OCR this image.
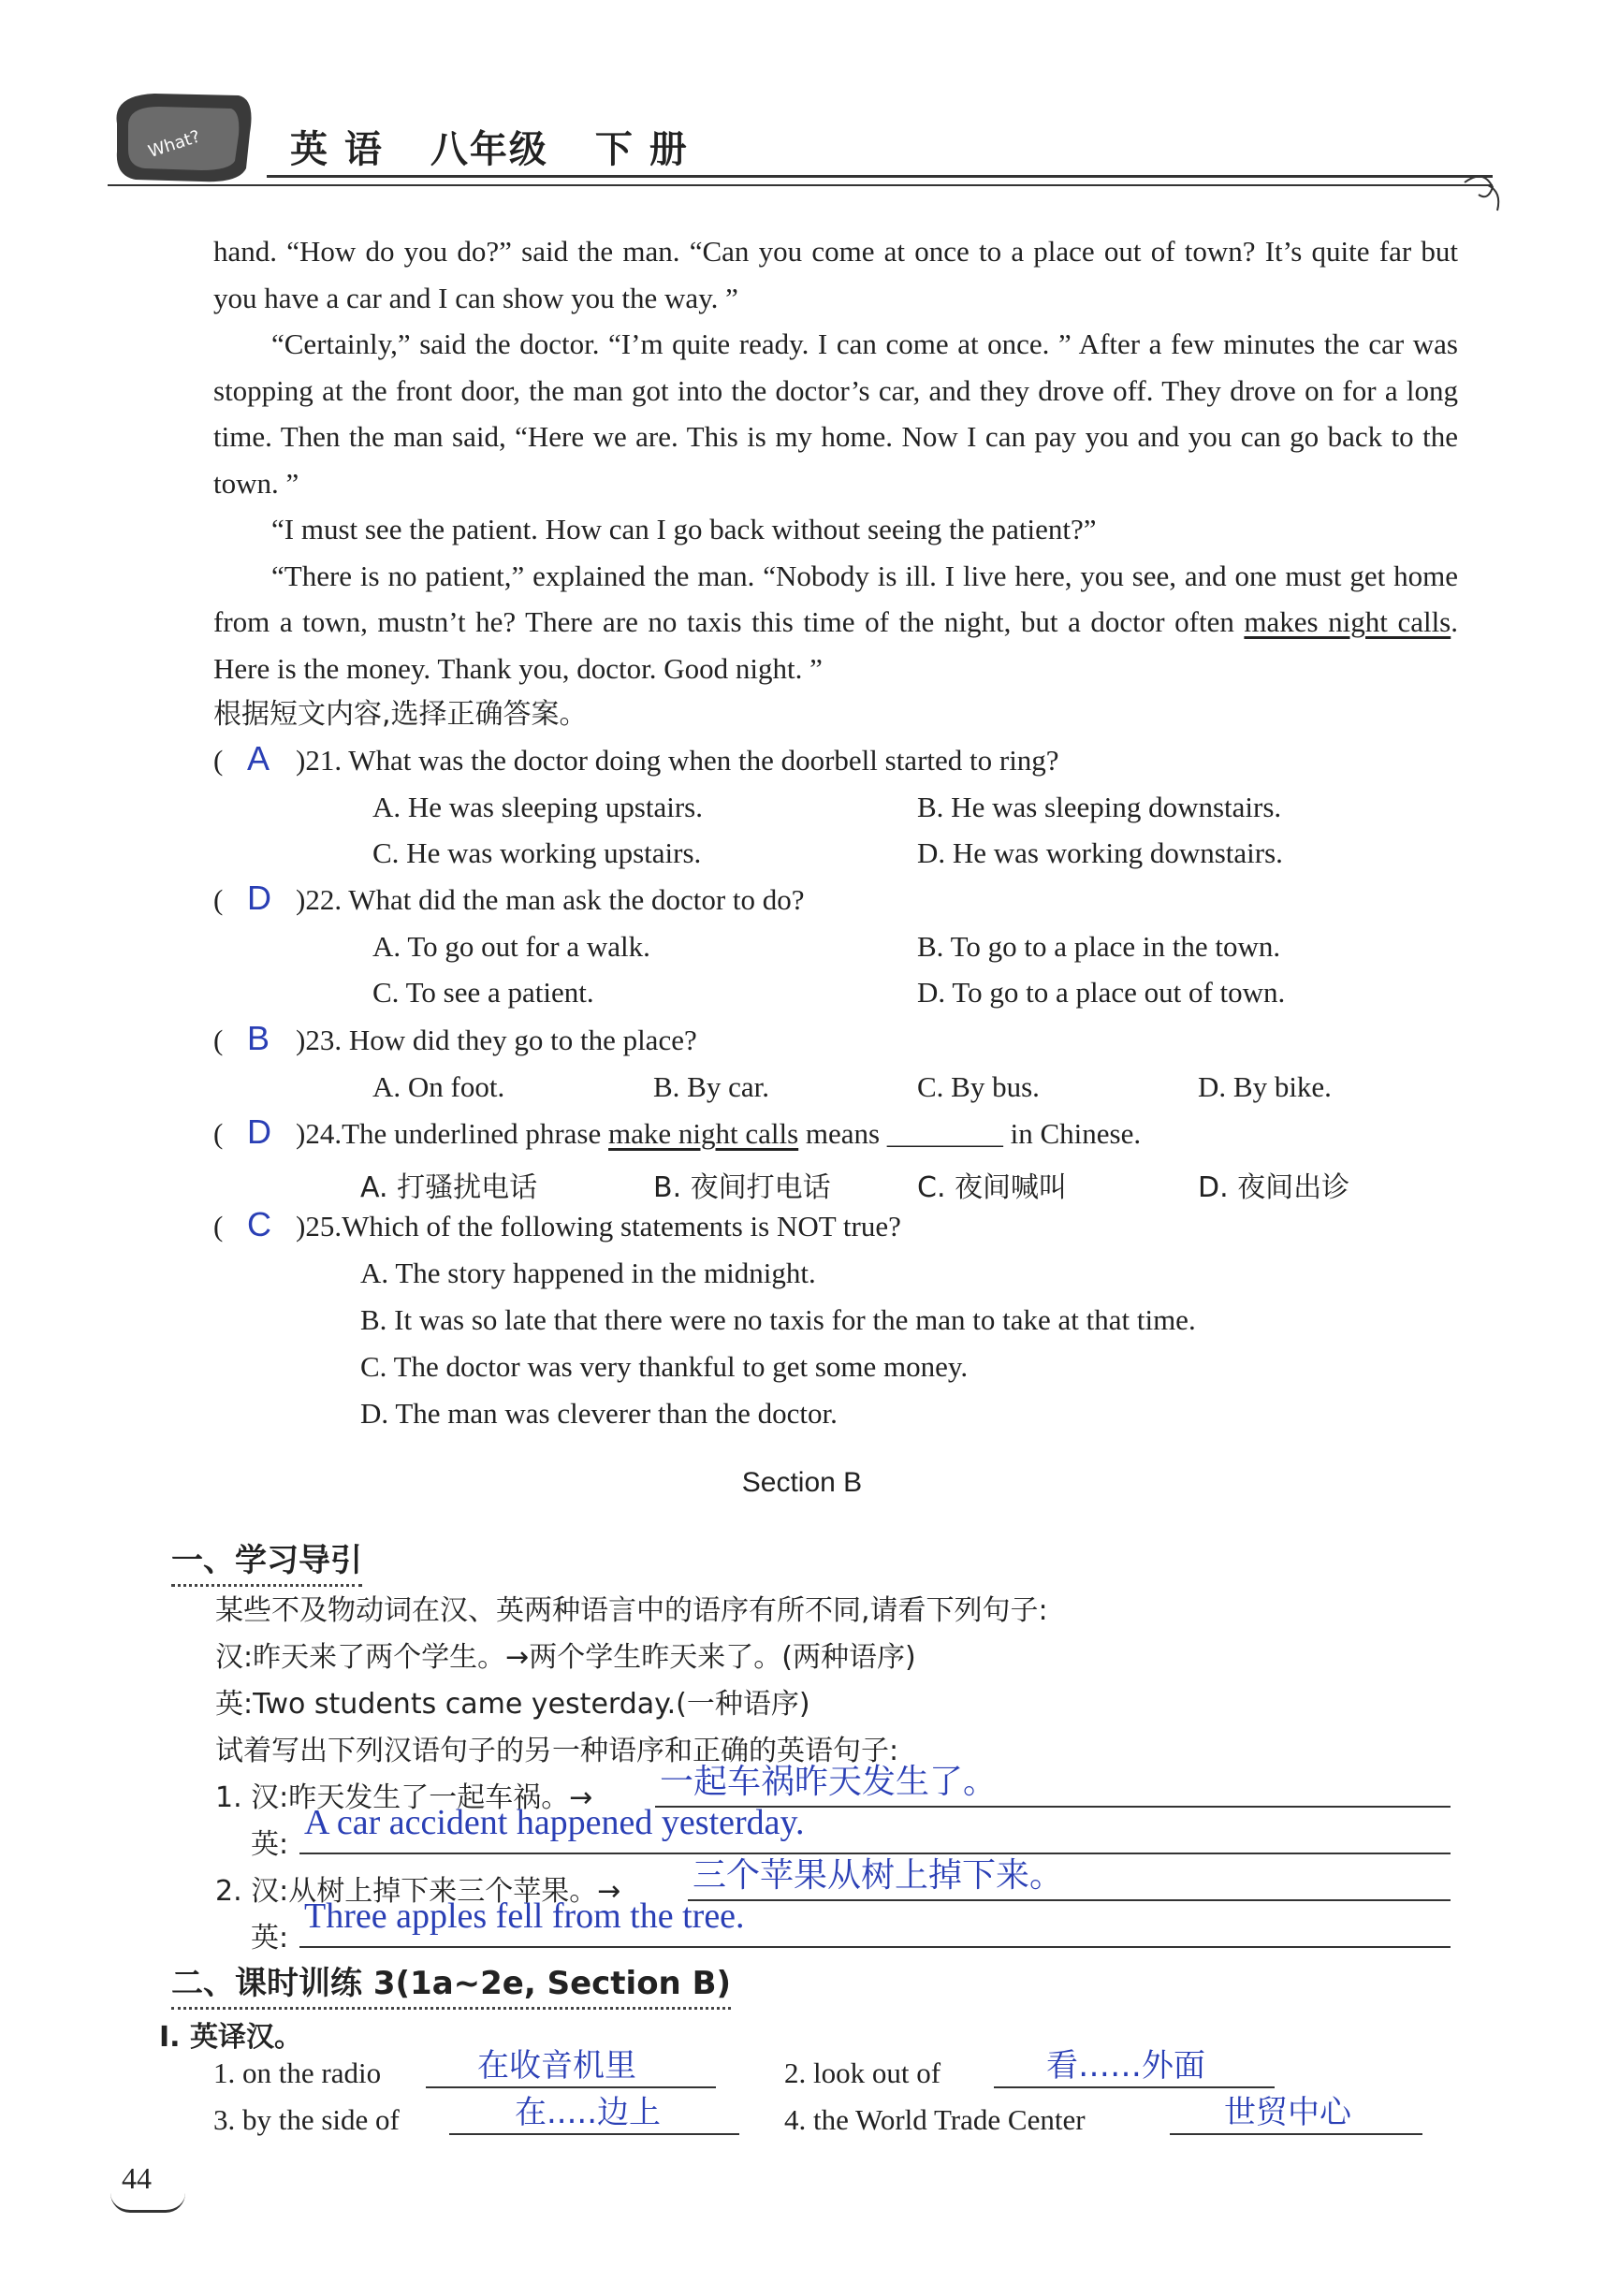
What? 英 语 八年级 下 册

hand. “How do you do?” said the man. “Can you come at once to a place out of town? It’s quite far but you have a car and I can show you the way. ”

“Certainly,” said the doctor. “I’m quite ready. I can come at once. ” After a few minutes the car was stopping at the front door, the man got into the doctor’s car, and they drove off. They drove on for a long time. Then the man said, “Here we are. This is my home. Now I can pay you and you can go back to the town. ”

“I must see the patient. How can I go back without seeing the patient?”

“There is no patient,” explained the man. “Nobody is ill. I live here, you see, and one must get home from a town, mustn’t he? There are no taxis this time of the night, but a doctor often makes night calls. Here is the money. Thank you, doctor. Good night. ”

根据短文内容,选择正确答案。

( A )21. What was the doctor doing when the doorbell started to ring?
A. He was sleeping upstairs.	B. He was sleeping downstairs.
C. He was working upstairs.	D. He was working downstairs.
( D )22. What did the man ask the doctor to do?
A. To go out for a walk.	B. To go to a place in the town.
C. To see a patient.	D. To go to a place out of town.
( B )23. How did they go to the place?
A. On foot.	B. By car.	C. By bus.	D. By bike.
( D )24.The underlined phrase make night calls means ________ in Chinese.
A. 打骚扰电话	B. 夜间打电话	C. 夜间喊叫	D. 夜间出诊
( C )25.Which of the following statements is NOT true?
A. The story happened in the midnight.
B. It was so late that there were no taxis for the man to take at that time.
C. The doctor was very thankful to get some money.
D. The man was cleverer than the doctor.
Section B
一、学习导引
某些不及物动词在汉、英两种语言中的语序有所不同,请看下列句子:
汉:昨天来了两个学生。→两个学生昨天来了。(两种语序)
英:Two students came yesterday.(一种语序)
试着写出下列汉语句子的另一种语序和正确的英语句子:
1. 汉:昨天发生了一起车祸。→ 一起车祸昨天发生了。
英:
A car accident happened yesterday.
2. 汉:从树上掉下来三个苹果。→ 三个苹果从树上掉下来。
英:
Three apples fell from the tree.
二、课时训练 3(1a~2e, Section B)
Ⅰ. 英译汉。
1. on the radio	在收音机里	2. look out of	看……外面
3. by the side of	在.....边上	4. the World Trade Center	世贸中心
44
